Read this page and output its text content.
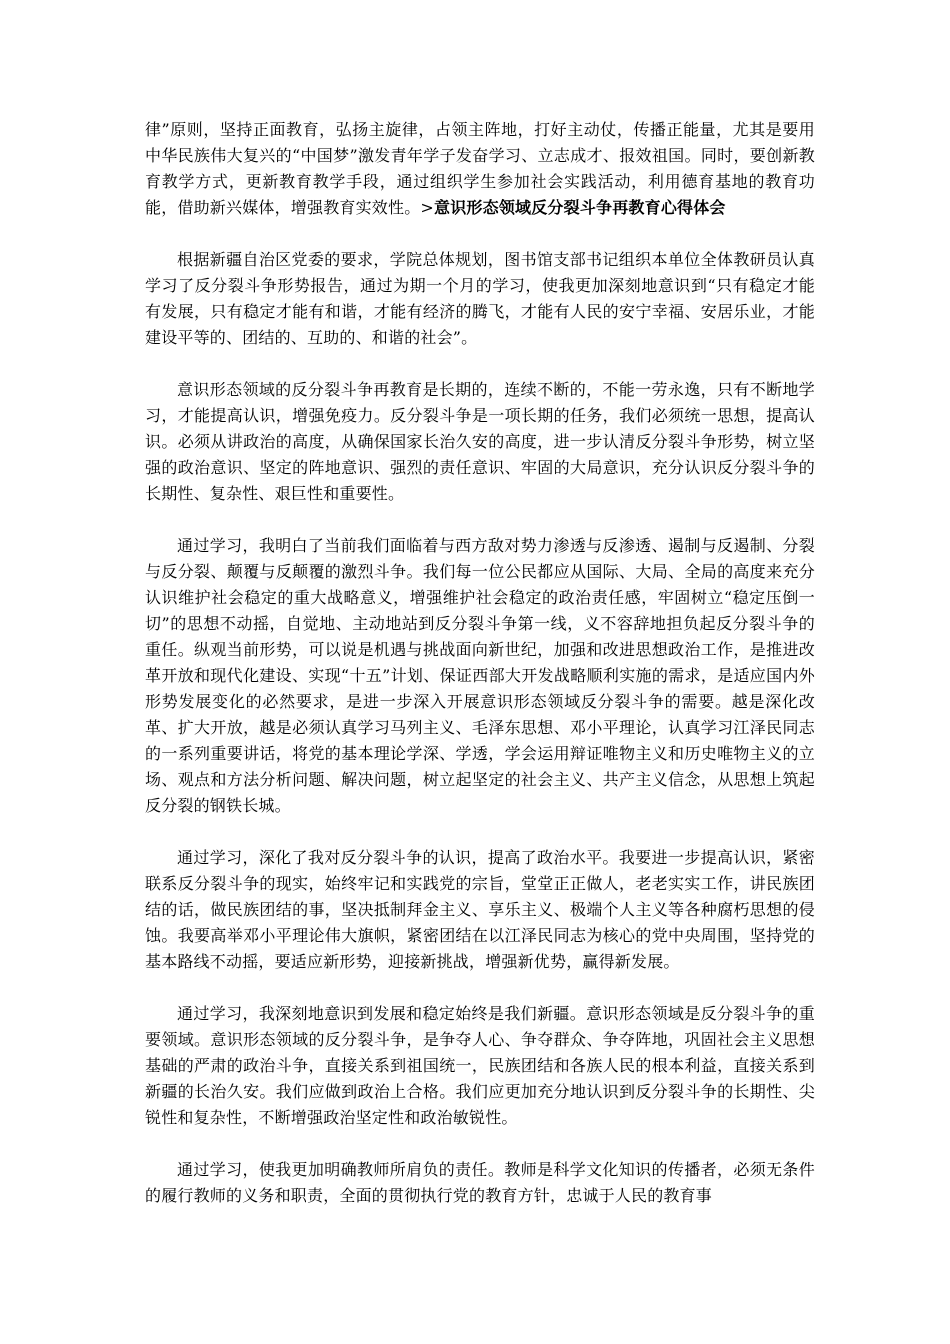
律”原则，坚持正面教育，弘扬主旋律，占领主阵地，打好主动仗，传播正能量，尤其是要用中华民族伟大复兴的“中国梦”激发青年学子发奋学习、立志成才、报效祖国。同时，要创新教育教学方式，更新教育教学手段，通过组织学生参加社会实践活动，利用德育基地的教育功能，借助新兴媒体，增强教育实效性。>意识形态领域反分裂斗争再教育心得体会

根据新疆自治区党委的要求，学院总体规划，图书馆支部书记组织本单位全体教研员认真学习了反分裂斗争形势报告，通过为期一个月的学习，使我更加深刻地意识到“只有稳定才能有发展，只有稳定才能有和谐，才能有经济的腾飞，才能有人民的安宁幸福、安居乐业，才能建设平等的、团结的、互助的、和谐的社会”。

意识形态领域的反分裂斗争再教育是长期的，连续不断的，不能一劳永逸，只有不断地学习，才能提高认识，增强免疫力。反分裂斗争是一项长期的任务，我们必须统一思想，提高认识。必须从讲政治的高度，从确保国家长治久安的高度，进一步认清反分裂斗争形势，树立坚强的政治意识、坚定的阵地意识、强烈的责任意识、牢固的大局意识，充分认识反分裂斗争的长期性、复杂性、艰巨性和重要性。

通过学习，我明白了当前我们面临着与西方敌对势力渗透与反渗透、遏制与反遏制、分裂与反分裂、颠覆与反颠覆的激烈斗争。我们每一位公民都应从国际、大局、全局的高度来充分认识维护社会稳定的重大战略意义，增强维护社会稳定的政治责任感，牢固树立“稳定压倒一切”的思想不动摇，自觉地、主动地站到反分裂斗争第一线，义不容辞地担负起反分裂斗争的重任。纵观当前形势，可以说是机遇与挑战面向新世纪，加强和改进思想政治工作，是推进改革开放和现代化建设、实现“十五”计划、保证西部大开发战略顺利实施的需求，是适应国内外形势发展变化的必然要求，是进一步深入开展意识形态领域反分裂斗争的需要。越是深化改革、扩大开放，越是必须认真学习马列主义、毛泽东思想、邓小平理论，认真学习江泽民同志的一系列重要讲话，将党的基本理论学深、学透，学会运用辩证唯物主义和历史唯物主义的立场、观点和方法分析问题、解决问题，树立起坚定的社会主义、共产主义信念，从思想上筑起反分裂的钢铁长城。

通过学习，深化了我对反分裂斗争的认识，提高了政治水平。我要进一步提高认识，紧密联系反分裂斗争的现实，始终牢记和实践党的宗旨，堂堂正正做人，老老实实工作，讲民族团结的话，做民族团结的事，坚决抵制拜金主义、享乐主义、极端个人主义等各种腐朽思想的侵蚀。我要高举邓小平理论伟大旗帜，紧密团结在以江泽民同志为核心的党中央周围，坚持党的基本路线不动摇，要适应新形势，迎接新挑战，增强新优势，赢得新发展。

通过学习，我深刻地意识到发展和稳定始终是我们新疆。意识形态领域是反分裂斗争的重要领域。意识形态领域的反分裂斗争，是争夺人心、争夺群众、争夺阵地，巩固社会主义思想基础的严肃的政治斗争，直接关系到祖国统一，民族团结和各族人民的根本利益，直接关系到新疆的长治久安。我们应做到政治上合格。我们应更加充分地认识到反分裂斗争的长期性、尖锐性和复杂性，不断增强政治坚定性和政治敏锐性。

通过学习，使我更加明确教师所肩负的责任。教师是科学文化知识的传播者，必须无条件的履行教师的义务和职责，全面的贯彻执行党的教育方针，忠诚于人民的教育事
